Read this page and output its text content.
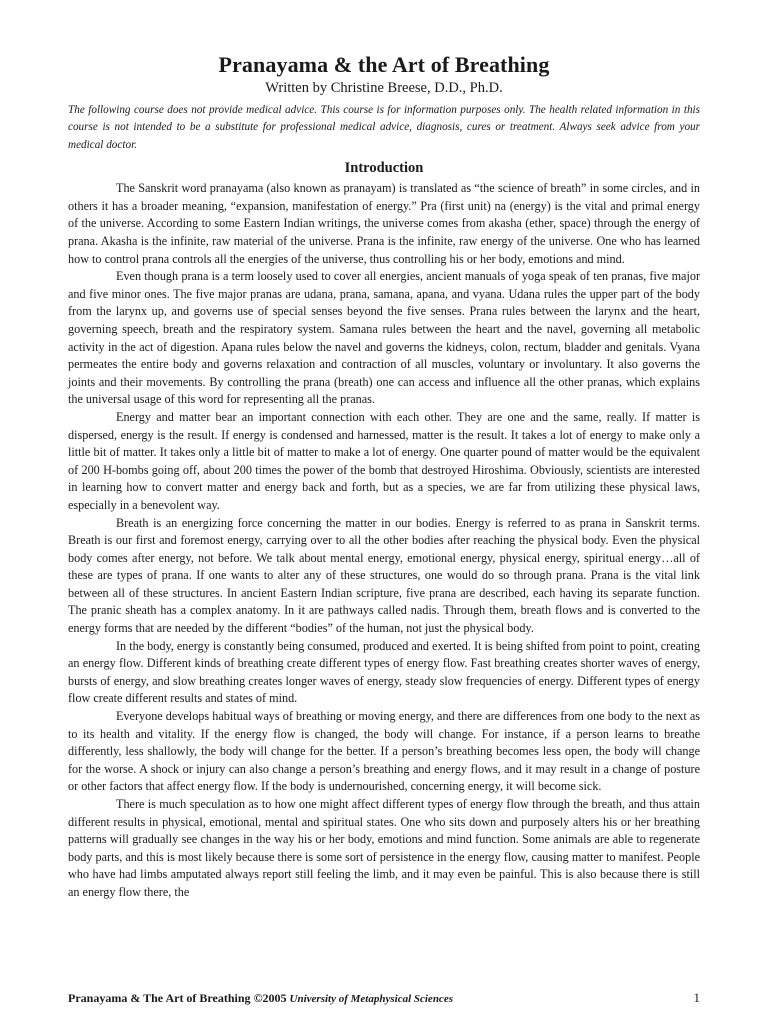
Pranayama & the Art of Breathing
Written by Christine Breese, D.D., Ph.D.
The following course does not provide medical advice. This course is for information purposes only. The health related information in this course is not intended to be a substitute for professional medical advice, diagnosis, cures or treatment. Always seek advice from your medical doctor.
Introduction

The Sanskrit word pranayama (also known as pranayam) is translated as “the science of breath” in some circles, and in others it has a broader meaning, “expansion, manifestation of energy.” Pra (first unit) na (energy) is the vital and primal energy of the universe. According to some Eastern Indian writings, the universe comes from akasha (ether, space) through the energy of prana. Akasha is the infinite, raw material of the universe. Prana is the infinite, raw energy of the universe. One who has learned how to control prana controls all the energies of the universe, thus controlling his or her body, emotions and mind.

Even though prana is a term loosely used to cover all energies, ancient manuals of yoga speak of ten pranas, five major and five minor ones. The five major pranas are udana, prana, samana, apana, and vyana. Udana rules the upper part of the body from the larynx up, and governs use of special senses beyond the five senses. Prana rules between the larynx and the heart, governing speech, breath and the respiratory system. Samana rules between the heart and the navel, governing all metabolic activity in the act of digestion. Apana rules below the navel and governs the kidneys, colon, rectum, bladder and genitals. Vyana permeates the entire body and governs relaxation and contraction of all muscles, voluntary or involuntary. It also governs the joints and their movements. By controlling the prana (breath) one can access and influence all the other pranas, which explains the universal usage of this word for representing all the pranas.

Energy and matter bear an important connection with each other. They are one and the same, really. If matter is dispersed, energy is the result. If energy is condensed and harnessed, matter is the result. It takes a lot of energy to make only a little bit of matter. It takes only a little bit of matter to make a lot of energy. One quarter pound of matter would be the equivalent of 200 H-bombs going off, about 200 times the power of the bomb that destroyed Hiroshima. Obviously, scientists are interested in learning how to convert matter and energy back and forth, but as a species, we are far from utilizing these physical laws, especially in a benevolent way.

Breath is an energizing force concerning the matter in our bodies. Energy is referred to as prana in Sanskrit terms. Breath is our first and foremost energy, carrying over to all the other bodies after reaching the physical body. Even the physical body comes after energy, not before. We talk about mental energy, emotional energy, physical energy, spiritual energy…all of these are types of prana. If one wants to alter any of these structures, one would do so through prana. Prana is the vital link between all of these structures. In ancient Eastern Indian scripture, five prana are described, each having its separate function. The pranic sheath has a complex anatomy. In it are pathways called nadis. Through them, breath flows and is converted to the energy forms that are needed by the different “bodies” of the human, not just the physical body.

In the body, energy is constantly being consumed, produced and exerted. It is being shifted from point to point, creating an energy flow. Different kinds of breathing create different types of energy flow. Fast breathing creates shorter waves of energy, bursts of energy, and slow breathing creates longer waves of energy, steady slow frequencies of energy. Different types of energy flow create different results and states of mind.

Everyone develops habitual ways of breathing or moving energy, and there are differences from one body to the next as to its health and vitality. If the energy flow is changed, the body will change. For instance, if a person learns to breathe differently, less shallowly, the body will change for the better. If a person’s breathing becomes less open, the body will change for the worse. A shock or injury can also change a person’s breathing and energy flows, and it may result in a change of posture or other factors that affect energy flow. If the body is undernourished, concerning energy, it will become sick.

There is much speculation as to how one might affect different types of energy flow through the breath, and thus attain different results in physical, emotional, mental and spiritual states. One who sits down and purposely alters his or her breathing patterns will gradually see changes in the way his or her body, emotions and mind function. Some animals are able to regenerate body parts, and this is most likely because there is some sort of persistence in the energy flow, causing matter to manifest. People who have had limbs amputated always report still feeling the limb, and it may even be painful. This is also because there is still an energy flow there, the

Pranayama & The Art of Breathing ©2005 University of Metaphysical Sciences	1
